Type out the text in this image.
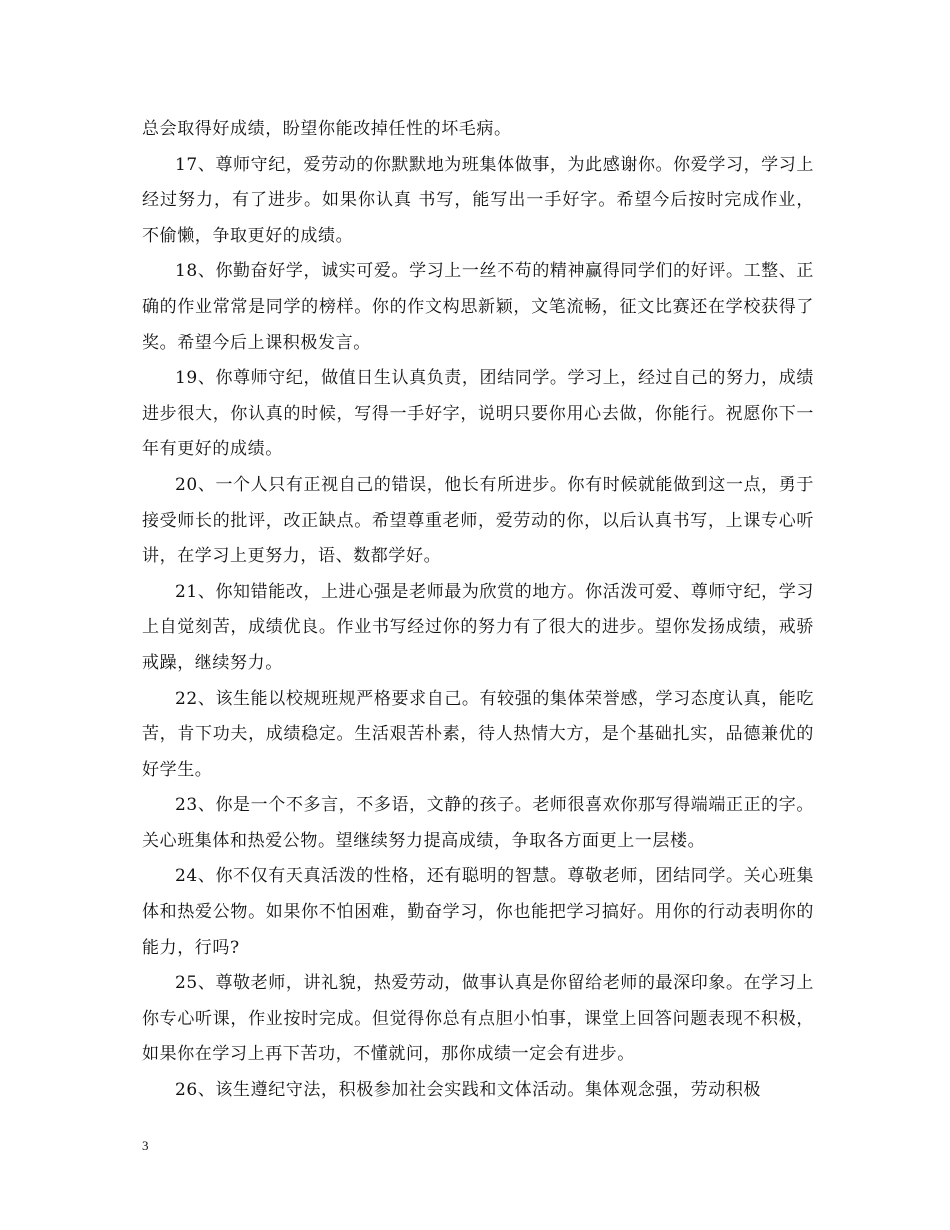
总会取得好成绩，盼望你能改掉任性的坏毛病。

17、尊师守纪，爱劳动的你默默地为班集体做事，为此感谢你。你爱学习，学习上经过努力，有了进步。如果你认真 书写，能写出一手好字。希望今后按时完成作业，不偷懒，争取更好的成绩。

18、你勤奋好学，诚实可爱。学习上一丝不苟的精神赢得同学们的好评。工整、正确的作业常常是同学的榜样。你的作文构思新颖，文笔流畅，征文比赛还在学校获得了奖。希望今后上课积极发言。

19、你尊师守纪，做值日生认真负责，团结同学。学习上，经过自己的努力，成绩进步很大，你认真的时候，写得一手好字，说明只要你用心去做，你能行。祝愿你下一年有更好的成绩。

20、一个人只有正视自己的错误，他长有所进步。你有时候就能做到这一点，勇于接受师长的批评，改正缺点。希望尊重老师，爱劳动的你，以后认真书写，上课专心听讲，在学习上更努力，语、数都学好。

21、你知错能改，上进心强是老师最为欣赏的地方。你活泼可爱、尊师守纪，学习上自觉刻苦，成绩优良。作业书写经过你的努力有了很大的进步。望你发扬成绩，戒骄戒躁，继续努力。

22、该生能以校规班规严格要求自己。有较强的集体荣誉感，学习态度认真，能吃苦，肯下功夫，成绩稳定。生活艰苦朴素，待人热情大方，是个基础扎实，品德兼优的好学生。

23、你是一个不多言，不多语，文静的孩子。老师很喜欢你那写得端端正正的字。关心班集体和热爱公物。望继续努力提高成绩，争取各方面更上一层楼。

24、你不仅有天真活泼的性格，还有聪明的智慧。尊敬老师，团结同学。关心班集体和热爱公物。如果你不怕困难，勤奋学习，你也能把学习搞好。用你的行动表明你的能力，行吗?

25、尊敬老师，讲礼貌，热爱劳动，做事认真是你留给老师的最深印象。在学习上你专心听课，作业按时完成。但觉得你总有点胆小怕事，课堂上回答问题表现不积极，如果你在学习上再下苦功，不懂就问，那你成绩一定会有进步。

26、该生遵纪守法，积极参加社会实践和文体活动。集体观念强，劳动积极

3
